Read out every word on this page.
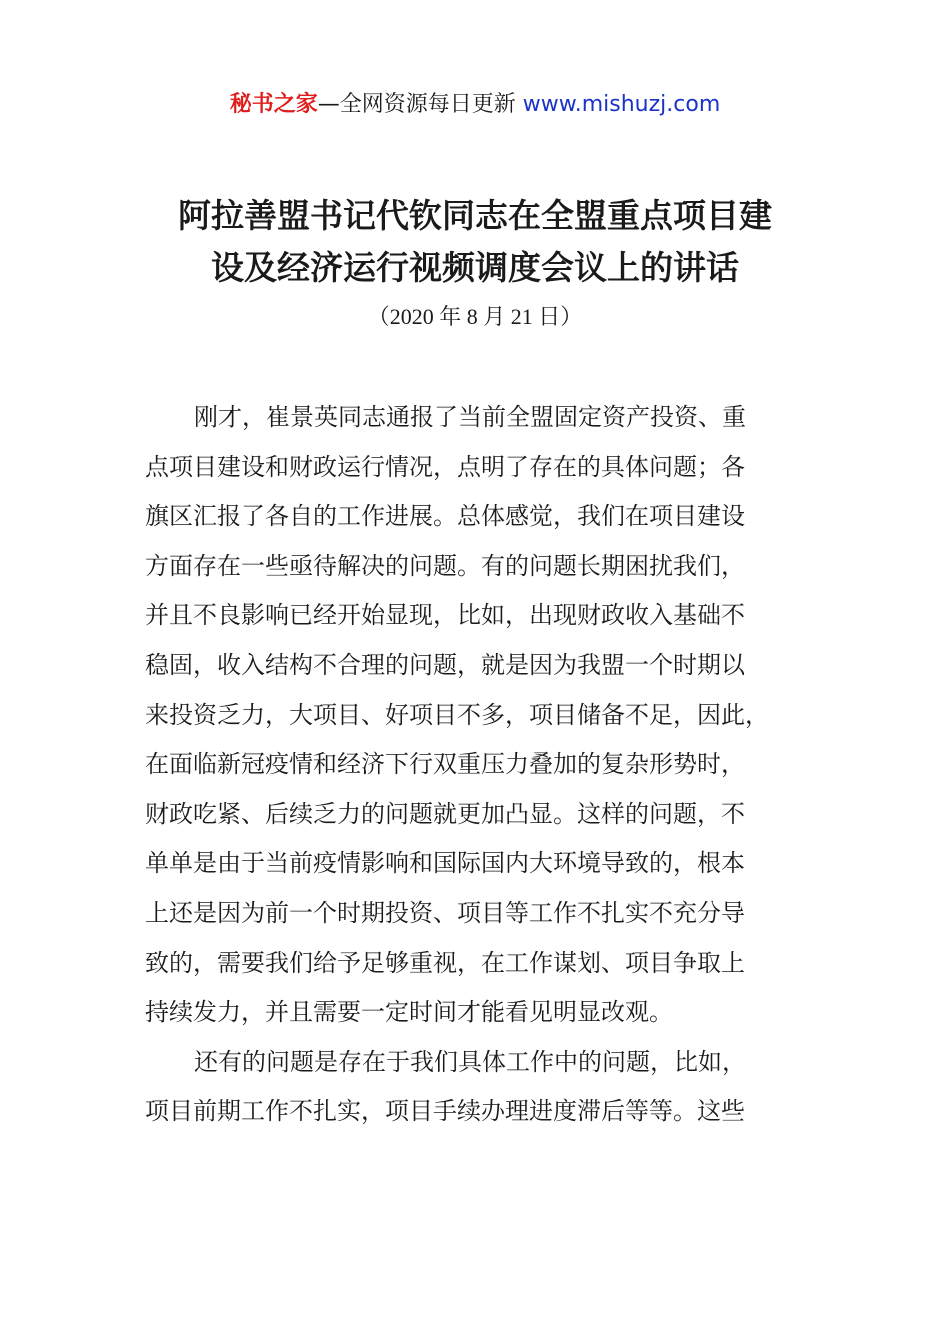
秘书之家—全网资源每日更新 www.mishuzj.com
阿拉善盟书记代钦同志在全盟重点项目建
设及经济运行视频调度会议上的讲话
（2020 年 8 月 21 日）
刚才，崔景英同志通报了当前全盟固定资产投资、重
点项目建设和财政运行情况，点明了存在的具体问题；各
旗区汇报了各自的工作进展。总体感觉，我们在项目建设
方面存在一些亟待解决的问题。有的问题长期困扰我们，
并且不良影响已经开始显现，比如，出现财政收入基础不
稳固，收入结构不合理的问题，就是因为我盟一个时期以
来投资乏力，大项目、好项目不多，项目储备不足，因此，
在面临新冠疫情和经济下行双重压力叠加的复杂形势时，
财政吃紧、后续乏力的问题就更加凸显。这样的问题，不
单单是由于当前疫情影响和国际国内大环境导致的，根本
上还是因为前一个时期投资、项目等工作不扎实不充分导
致的，需要我们给予足够重视，在工作谋划、项目争取上
持续发力，并且需要一定时间才能看见明显改观。
还有的问题是存在于我们具体工作中的问题，比如，
项目前期工作不扎实，项目手续办理进度滞后等等。这些
